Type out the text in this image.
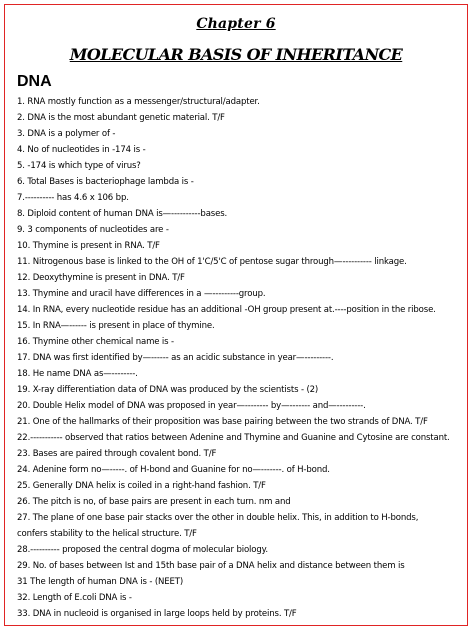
Chapter 6
MOLECULAR BASIS OF INHERITANCE
DNA
1. RNA mostly function as a messenger/structural/adapter.
2. DNA is the most abundant genetic material. T/F
3. DNA is a polymer of -
4. No of nucleotides in -174 is -
5. -174 is which type of virus?
6. Total Bases is bacteriophage lambda is -
7.---------- has 4.6 x 106 bp.
8. Diploid content of human DNA is—----------bases.
9. 3 components of nucleotides are -
10. Thymine is present in RNA. T/F
11. Nitrogenous base is linked to the OH of 1'C/5'C of pentose sugar through—---------- linkage.
12. Deoxythymine is present in DNA. T/F
13. Thymine and uracil have differences in a —---------group.
14. In RNA, every nucleotide residue has an additional -OH group present at.----position in the ribose.
15. In RNA—------ is present in place of thymine.
16. Thymine other chemical name is -
17. DNA was first identified by—------ as an acidic substance in year—---------.
18. He name DNA as—--------.
19. X-ray differentiation data of DNA was produced by the scientists - (2)
20. Double Helix model of DNA was proposed in year—-------- by—------- and—---------.
21. One of the hallmarks of their proposition was base pairing between the two strands of DNA. T/F
22.----------- observed that ratios between Adenine and Thymine and Guanine and Cytosine are constant.
23. Bases are paired through covalent bond. T/F
24. Adenine form no—-----. of H-bond and Guanine for no—-------. of H-bond.
25. Generally DNA helix is coiled in a right-hand fashion. T/F
26. The pitch is no, of base pairs are present in each turn. nm and
27. The plane of one base pair stacks over the other in double helix. This, in addition to H-bonds,
confers stability to the helical structure. T/F
28.---------- proposed the central dogma of molecular biology.
29. No. of bases between Ist and 15th base pair of a DNA helix and distance between them is
31 The length of human DNA is - (NEET)
32. Length of E.coli DNA is -
33. DNA in nucleoid is organised in large loops held by proteins. T/F
